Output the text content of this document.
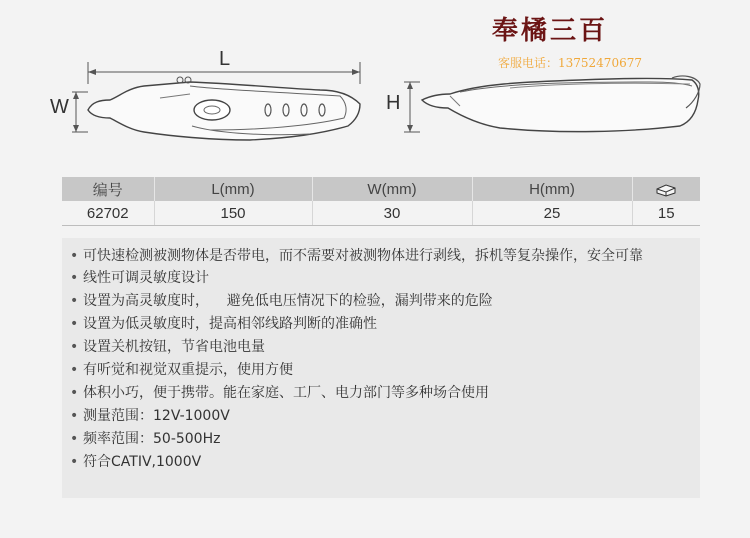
奉橘三百
客服电话：13752470677
L
W	H
编号	L(mm)	W(mm)	H(mm)	
62702	150	30	25	15
• 可快速检测被测物体是否带电，而不需要对被测物体进行剥线，拆机等复杂操作，安全可靠
• 线性可调灵敏度设计
• 设置为高灵敏度时，    避免低电压情况下的检验，漏判带来的危险
• 设置为低灵敏度时，提高相邻线路判断的准确性
• 设置关机按钮，节省电池电量
• 有听觉和视觉双重提示，使用方便
• 体积小巧，便于携带。能在家庭、工厂、电力部门等多种场合使用
• 测量范围：12V-1000V
• 频率范围：50-500Hz
• 符合CATIV,1000V
